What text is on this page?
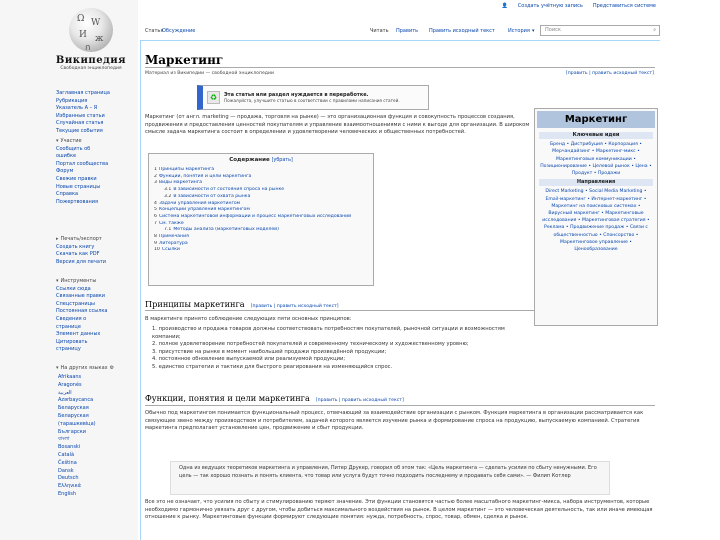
👤 Создать учётную запись Представиться системе
Ω W
И ж
ก
Википедия
Свободная энциклопедия
Заглавная страница
Рубрикация
Указатель А – Я
Избранные статьи
Случайная статья
Текущие события
▾ Участие
Сообщить об
ошибке
Портал сообщества
Форум
Свежие правки
Новые страницы
Справка
Пожертвования
▸ Печать/экспорт
Создать книгу
Скачать как PDF
Версия для печати
▾ Инструменты
Ссылки сюда
Связанные правки
Спецстраницы
Постоянная ссылка
Сведения о
странице
Элемент данных
Цитировать
страницу
▾ На других языках ⚙
Afrikaans
Aragonés
العربية
Azərbaycanca
Беларуская
Беларуская
(тарашкевіца)
Български
বাংলা
Bosanski
Català
Čeština
Dansk
Deutsch
Ελληνικά
English
Статья
Обсуждение	Читать Править Править исходный текст	История ▾	Поиск	⌕
Маркетинг
Материал из Википедии — свободной энциклопедии	[править | править исходный текст]
♻	Эта статья или раздел нуждается в переработке.
Пожалуйста, улучшите статью в соответствии с правилами написания статей.
Маркетинг (от англ. marketing — продажа, торговля на рынке) — это организационная функция и совокупность процессов создания, продвижения и предоставления ценностей покупателям и управление взаимоотношениями с ними к выгоде для организации. В широком смысле задача маркетинга состоит в определении и удовлетворении человеческих и общественных потребностей.
Маркетинг
Ключевые идеи
Бренд • Дистрибуция • Корпорация • Мерчандайзинг • Маркетинг-микс • Маркетинговые коммуникации • Позиционирование • Целевой рынок • Цена • Продукт • Продажи
Направления
Direct Marketing • Social Media Marketing • Email-маркетинг • Интернет-маркетинг • Маркетинг на поисковых системах • Вирусный маркетинг • Маркетинговые исследования • Маркетинговая стратегия • Реклама • Продвижение продаж • Связи с общественностью • Спонсорство • Маркетинговое управление • Ценообразование
Содержание [убрать]
1 Принципы маркетинга
2 Функции, понятия и цели маркетинга
3 Виды маркетинга
3.1 В зависимости от состояния спроса на рынке
3.2 В зависимости от охвата рынка
4 Задачи управления маркетингом
5 Концепции управления маркетингом
6 Система маркетинговой информации и процесс маркетинговых исследований
7 См. также
7.1 Методы анализа (маркетинговых моделей)
8 Примечания
9 Литература
10 Ссылки
Принципы маркетинга [править | править исходный текст]
В маркетинге принято соблюдение следующих пяти основных принципов:
1. производство и продажа товаров должны соответствовать потребностям покупателей, рыночной ситуации и возможностям компании;
2. полное удовлетворение потребностей покупателей и современному техническому и художественному уровню;
3. присутствие на рынке в момент наибольшей продажи произведённой продукции;
4. постоянное обновление выпускаемой или реализуемой продукции;
5. единство стратегии и тактики для быстрого реагирования на изменяющийся спрос.
Функции, понятия и цели маркетинга [править | править исходный текст]
Обычно под маркетингом понимается функциональный процесс, отвечающий за взаимодействие организации с рынком. Функция маркетинга в организации рассматривается как связующее звено между производством и потребителем, задачей которого является изучение рынка и формирование спроса на продукцию, выпускаемую компанией. Стратегия маркетинга предполагает установление цен, продвижение и сбыт продукции.
Одна из ведущих теоретиков маркетинга и управления, Питер Друкер, говорил об этом так: «Цель маркетинга — сделать усилия по сбыту ненужными. Его цель — так хорошо познать и понять клиента, что товар или услуга будут точно подходить последнему и продавать себя сами». — Филип Котлер
Все это не означает, что усилия по сбыту и стимулированию теряют значение. Эти функции становятся частью более масштабного маркетинг-микса, набора инструментов, которые необходимо гармонично увязать друг с другом, чтобы добиться максимального воздействия на рынок. В целом маркетинг — это человеческая деятельность, так или иначе имеющая отношение к рынку. Маркетинговые функции формируют следующие понятия: нужда, потребность, спрос, товар, обмен, сделка и рынок.
